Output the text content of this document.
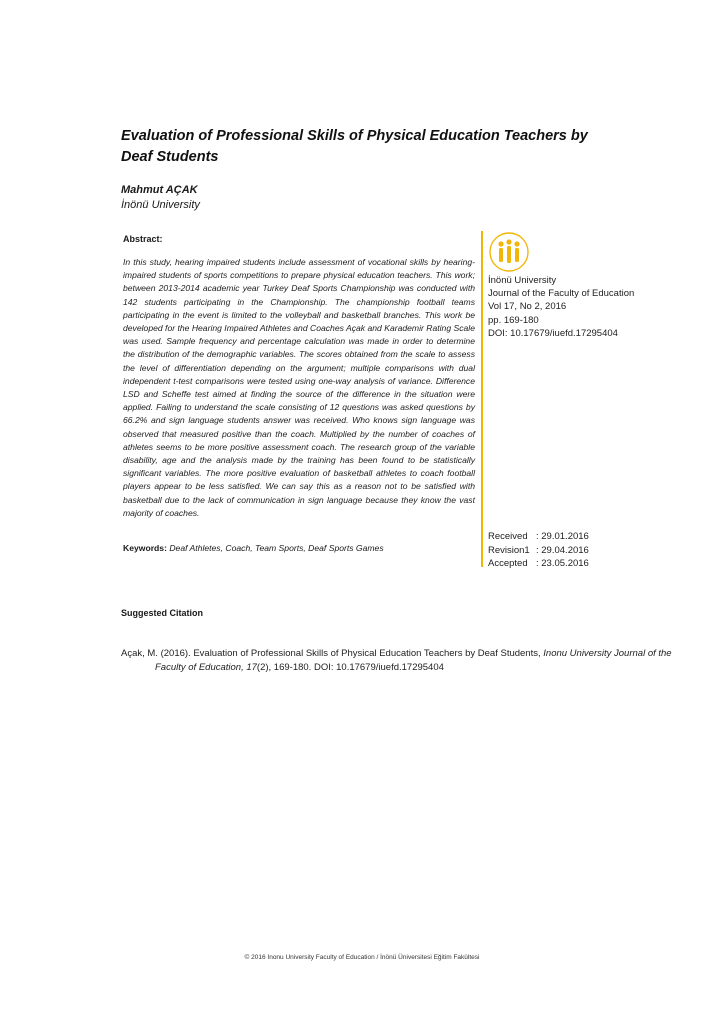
Evaluation of Professional Skills of Physical Education Teachers by Deaf Students
Mahmut AÇAK
İnönü University
Abstract:
In this study, hearing impaired students include assessment of vocational skills by hearing-impaired students of sports competitions to prepare physical education teachers. This work; between 2013-2014 academic year Turkey Deaf Sports Championship was conducted with 142 students participating in the Championship. The championship football teams participating in the event is limited to the volleyball and basketball branches. This work be developed for the Hearing Impaired Athletes and Coaches Açak and Karademir Rating Scale was used. Sample frequency and percentage calculation was made in order to determine the distribution of the demographic variables. The scores obtained from the scale to assess the level of differentiation depending on the argument; multiple comparisons with dual independent t-test comparisons were tested using one-way analysis of variance. Difference LSD and Scheffe test aimed at finding the source of the difference in the situation were applied. Failing to understand the scale consisting of 12 questions was asked questions by 66.2% and sign language students answer was received. Who knows sign language was observed that measured positive than the coach. Multiplied by the number of coaches of athletes seems to be more positive assessment coach. The research group of the variable disability, age and the analysis made by the training has been found to be statistically significant variables. The more positive evaluation of basketball athletes to coach football players appear to be less satisfied. We can say this as a reason not to be satisfied with basketball due to the lack of communication in sign language because they know the vast majority of coaches.
Keywords: Deaf Athletes, Coach, Team Sports, Deaf Sports Games
İnönü University
Journal of the Faculty of Education
Vol 17, No 2, 2016
pp. 169-180
DOI: 10.17679/iuefd.17295404
Received : 29.01.2016
Revision1 : 29.04.2016
Accepted : 23.05.2016
Suggested Citation
Açak, M. (2016). Evaluation of Professional Skills of Physical Education Teachers by Deaf Students, Inonu University Journal of the Faculty of Education, 17(2), 169-180. DOI: 10.17679/iuefd.17295404
© 2016 Inonu University Faculty of Education / İnönü Üniversitesi Eğitim Fakültesi
